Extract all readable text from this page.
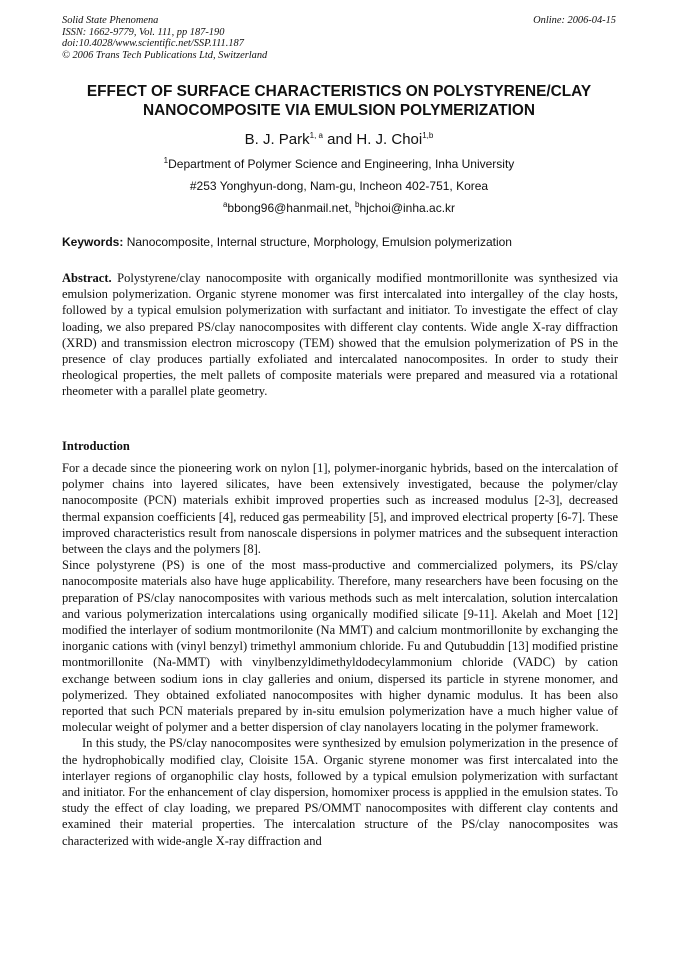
Solid State Phenomena
ISSN: 1662-9779, Vol. 111, pp 187-190
doi:10.4028/www.scientific.net/SSP.111.187
© 2006 Trans Tech Publications Ltd, Switzerland
Online: 2006-04-15
EFFECT OF SURFACE CHARACTERISTICS ON POLYSTYRENE/CLAY
NANOCOMPOSITE VIA EMULSION POLYMERIZATION
B. J. Park$^{1, a}$ and H. J. Choi$^{1,b}$
$^1$Department of Polymer Science and Engineering, Inha University
#253 Yonghyun-dong, Nam-gu, Incheon 402-751, Korea
$^a$bbong96@hanmail.net, $^b$hjchoi@inha.ac.kr
Keywords: Nanocomposite, Internal structure, Morphology, Emulsion polymerization

Abstract. Polystyrene/clay nanocomposite with organically modified montmorillonite was synthesized via emulsion polymerization. Organic styrene monomer was first intercalated into intergalley of the clay hosts, followed by a typical emulsion polymerization with surfactant and initiator. To investigate the effect of clay loading, we also prepared PS/clay nanocomposites with different clay contents. Wide angle X-ray diffraction (XRD) and transmission electron microscopy (TEM) showed that the emulsion polymerization of PS in the presence of clay produces partially exfoliated and intercalated nanocomposites. In order to study their rheological properties, the melt pallets of composite materials were prepared and measured via a rotational rheometer with a parallel plate geometry.

Introduction

For a decade since the pioneering work on nylon [1], polymer-inorganic hybrids, based on the intercalation of polymer chains into layered silicates, have been extensively investigated, because the polymer/clay nanocomposite (PCN) materials exhibit improved properties such as increased modulus [2-3], decreased thermal expansion coefficients [4], reduced gas permeability [5], and improved electrical property [6-7]. These improved characteristics result from nanoscale dispersions in polymer matrices and the subsequent interaction between the clays and the polymers [8].

Since polystyrene (PS) is one of the most mass-productive and commercialized polymers, its PS/clay nanocomposite materials also have huge applicability. Therefore, many researchers have been focusing on the preparation of PS/clay nanocomposites with various methods such as melt intercalation, solution intercalation and various polymerization intercalations using organically modified silicate [9-11]. Akelah and Moet [12] modified the interlayer of sodium montmorilonite (Na MMT) and calcium montmorillonite by exchanging the inorganic cations with (vinyl benzyl) trimethyl ammonium chloride. Fu and Qutubuddin [13] modified pristine montmorillonite (Na-MMT) with vinylbenzyldimethyldodecylammonium chloride (VADC) by cation exchange between sodium ions in clay galleries and onium, dispersed its particle in styrene monomer, and polymerized. They obtained exfoliated nanocomposites with higher dynamic modulus. It has been also reported that such PCN materials prepared by in-situ emulsion polymerization have a much higher value of molecular weight of polymer and a better dispersion of clay nanolayers locating in the polymer framework.

In this study, the PS/clay nanocomposites were synthesized by emulsion polymerization in the presence of the hydrophobically modified clay, Cloisite 15A. Organic styrene monomer was first intercalated into the interlayer regions of organophilic clay hosts, followed by a typical emulsion polymerization with surfactant and initiator. For the enhancement of clay dispersion, homomixer process is appplied in the emulsion states. To study the effect of clay loading, we prepared PS/OMMT nanocomposites with different clay contents and examined their material properties. The intercalation structure of the PS/clay nanocomposites was characterized with wide-angle X-ray diffraction and
